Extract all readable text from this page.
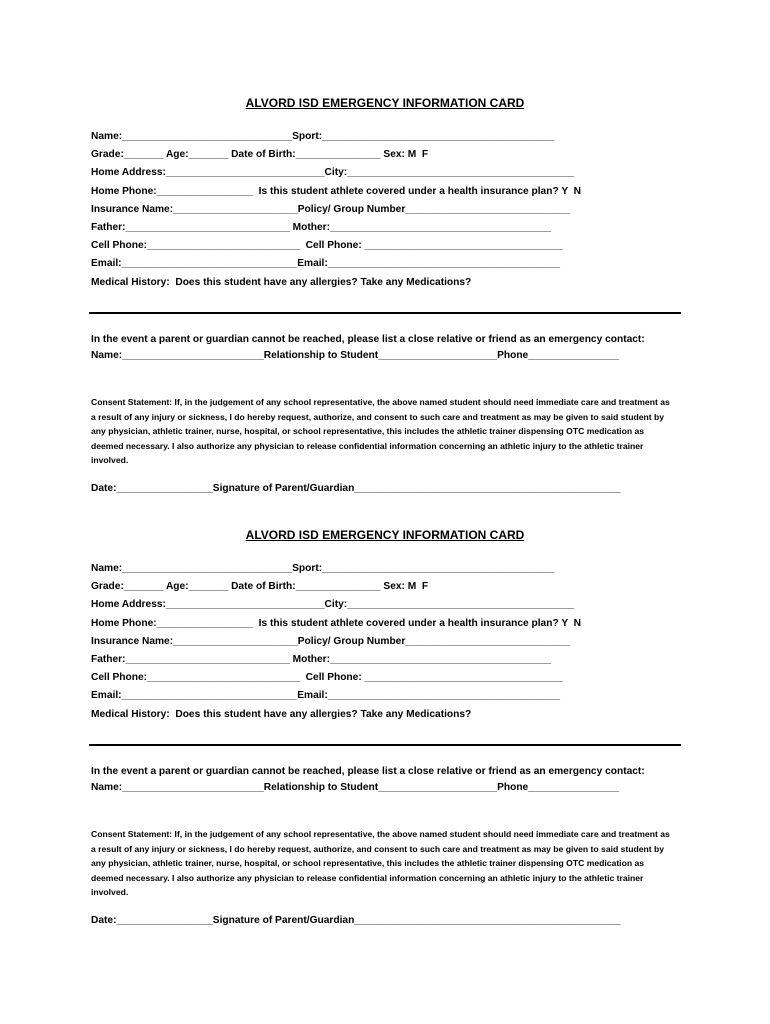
ALVORD ISD EMERGENCY INFORMATION CARD
Name:______________________________Sport:_________________________________________
Grade:_______ Age:_______ Date of Birth:_______________ Sex: M  F
Home Address:____________________________City:________________________________________
Home Phone:_________________  Is this student athlete covered under a health insurance plan? Y  N
Insurance Name:______________________Policy/ Group Number_____________________________
Father:_____________________________ Mother:_______________________________________
Cell Phone:___________________________  Cell Phone: ___________________________________
Email:_______________________________Email:_________________________________________
Medical History:  Does this student have any allergies? Take any Medications?
In the event a parent or guardian cannot be reached, please list a close relative or friend as an emergency contact:
Name:_________________________Relationship to Student_____________________Phone________________
Consent Statement: If, in the judgement of any school representative, the above named student should need immediate care and treatment as a result of any injury or sickness, I do hereby request, authorize, and consent to such care and treatment as may be given to said student by any physician, athletic trainer, nurse, hospital, or school representative, this includes the athletic trainer dispensing OTC medication as deemed necessary. I also authorize any physician to release confidential information concerning an athletic injury to the athletic trainer involved.
Date:_________________Signature of Parent/Guardian_______________________________________________
ALVORD ISD EMERGENCY INFORMATION CARD
Name:______________________________Sport:_________________________________________
Grade:_______ Age:_______ Date of Birth:_______________ Sex: M  F
Home Address:____________________________City:________________________________________
Home Phone:_________________  Is this student athlete covered under a health insurance plan? Y  N
Insurance Name:______________________Policy/ Group Number_____________________________
Father:_____________________________ Mother:_______________________________________
Cell Phone:___________________________  Cell Phone: ___________________________________
Email:_______________________________Email:_________________________________________
Medical History:  Does this student have any allergies? Take any Medications?
In the event a parent or guardian cannot be reached, please list a close relative or friend as an emergency contact:
Name:_________________________Relationship to Student_____________________Phone________________
Consent Statement: If, in the judgement of any school representative, the above named student should need immediate care and treatment as a result of any injury or sickness, I do hereby request, authorize, and consent to such care and treatment as may be given to said student by any physician, athletic trainer, nurse, hospital, or school representative, this includes the athletic trainer dispensing OTC medication as deemed necessary. I also authorize any physician to release confidential information concerning an athletic injury to the athletic trainer involved.
Date:_________________Signature of Parent/Guardian_______________________________________________
